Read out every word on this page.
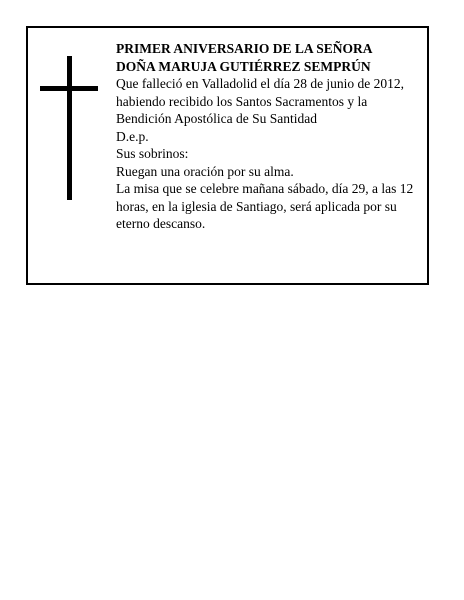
PRIMER ANIVERSARIO DE LA SEÑORA
DOÑA MARUJA GUTIÉRREZ SEMPRÚN
Que falleció en Valladolid el día 28 de junio de 2012,
habiendo recibido los Santos Sacramentos y la
Bendición Apostólica de Su Santidad
D.e.p.
Sus sobrinos:
Ruegan una oración por su alma.
La misa que se celebre mañana sábado, día 29, a las 12
horas, en la iglesia de Santiago, será aplicada por su
eterno descanso.
